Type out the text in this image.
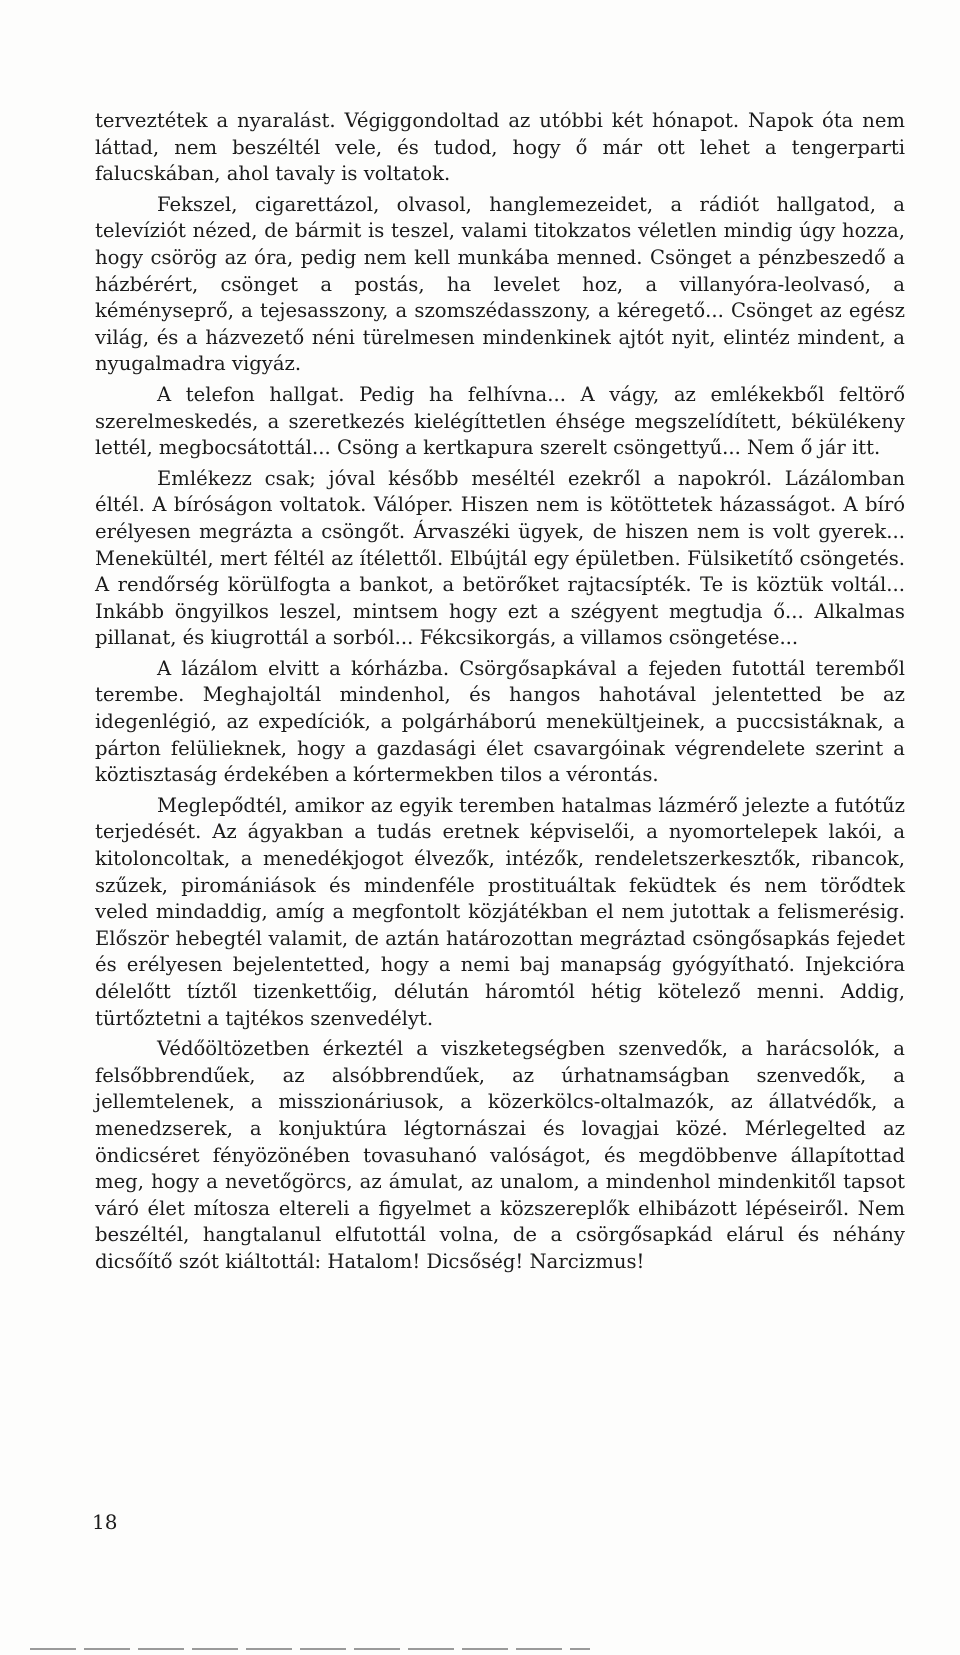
terveztétek a nyaralást. Végiggondoltad az utóbbi két hónapot. Napok óta nem láttad, nem beszéltél vele, és tudod, hogy ő már ott lehet a tengerparti falucskában, ahol tavaly is voltatok.

Fekszel, cigarettázol, olvasol, hanglemezeidet, a rádiót hallgatod, a televíziót nézed, de bármit is teszel, valami titokzatos véletlen mindig úgy hozza, hogy csörög az óra, pedig nem kell munkába menned. Csönget a pénzbeszedő a házbérért, csönget a postás, ha levelet hoz, a villanyóra-leolvasó, a kéményseprő, a tejesasszony, a szomszédasszony, a kéregető... Csönget az egész világ, és a házvezető néni türelmesen mindenkinek ajtót nyit, elintéz mindent, a nyugalmadra vigyáz.

A telefon hallgat. Pedig ha felhívna... A vágy, az emlékekből feltörő szerelmeskedés, a szeretkezés kielégíttetlen éhsége megszelídített, békülékeny lettél, megbocsátottál... Csöng a kertkapura szerelt csöngettyű... Nem ő jár itt.

Emlékezz csak; jóval később meséltél ezekről a napokról. Lázálomban éltél. A bíróságon voltatok. Válóper. Hiszen nem is kötöttetek házasságot. A bíró erélyesen megrázta a csöngőt. Árvaszéki ügyek, de hiszen nem is volt gyerek... Menekültél, mert féltél az ítélettől. Elbújtál egy épületben. Fülsiketítő csöngetés. A rendőrség körülfogta a bankot, a betörőket rajtacsípték. Te is köztük voltál... Inkább öngyilkos leszel, mintsem hogy ezt a szégyent megtudja ő... Alkalmas pillanat, és kiugrottál a sorból... Fékcsikorgás, a villamos csöngetése...

A lázálom elvitt a kórházba. Csörgősapkával a fejeden futottál teremből terembe. Meghajoltál mindenhol, és hangos hahotával jelentetted be az idegenlégió, az expedíciók, a polgárháború menekültjeinek, a puccsistáknak, a párton felülieknek, hogy a gazdasági élet csavargóinak végrendelete szerint a köztisztaság érdekében a kórtermekben tilos a vérontás.

Meglepődtél, amikor az egyik teremben hatalmas lázmérő jelezte a futótűz terjedését. Az ágyakban a tudás eretnek képviselői, a nyomortelepek lakói, a kitoloncoltak, a menedékjogot élvezők, intézők, rendeletszerkesztők, ribancok, szűzek, piromániások és mindenféle prostituáltak feküdtek és nem törődtek veled mindaddig, amíg a megfontolt közjátékban el nem jutottak a felismerésig. Először hebegtél valamit, de aztán határozottan megráztad csöngősapkás fejedet és erélyesen bejelentetted, hogy a nemi baj manapság gyógyítható. Injekcióra délelőtt tíztől tizenkettőig, délután háromtól hétig kötelező menni. Addig, türtőztetni a tajtékos szenvedélyt.

Védőöltözetben érkeztél a viszketegségben szenvedők, a harácsolók, a felsőbbrendűek, az alsóbbrendűek, az úrhatnamságban szenvedők, a jellemtelenek, a misszionáriusok, a közerkölcs-oltalmazók, az állatvédők, a menedzserek, a konjuktúra légtornászai és lovagjai közé. Mérlegelted az öndicséret fényözönében tovasuhanó valóságot, és megdöbbenve állapítottad meg, hogy a nevetőgörcs, az ámulat, az unalom, a mindenhol mindenkitől tapsot váró élet mítosza eltereli a figyelmet a közszereplők elhibázott lépéseiről. Nem beszéltél, hangtalanul elfutottál volna, de a csörgősapkád elárul és néhány dicsőítő szót kiáltottál: Hatalom! Dicsőség! Narcizmus!

18
